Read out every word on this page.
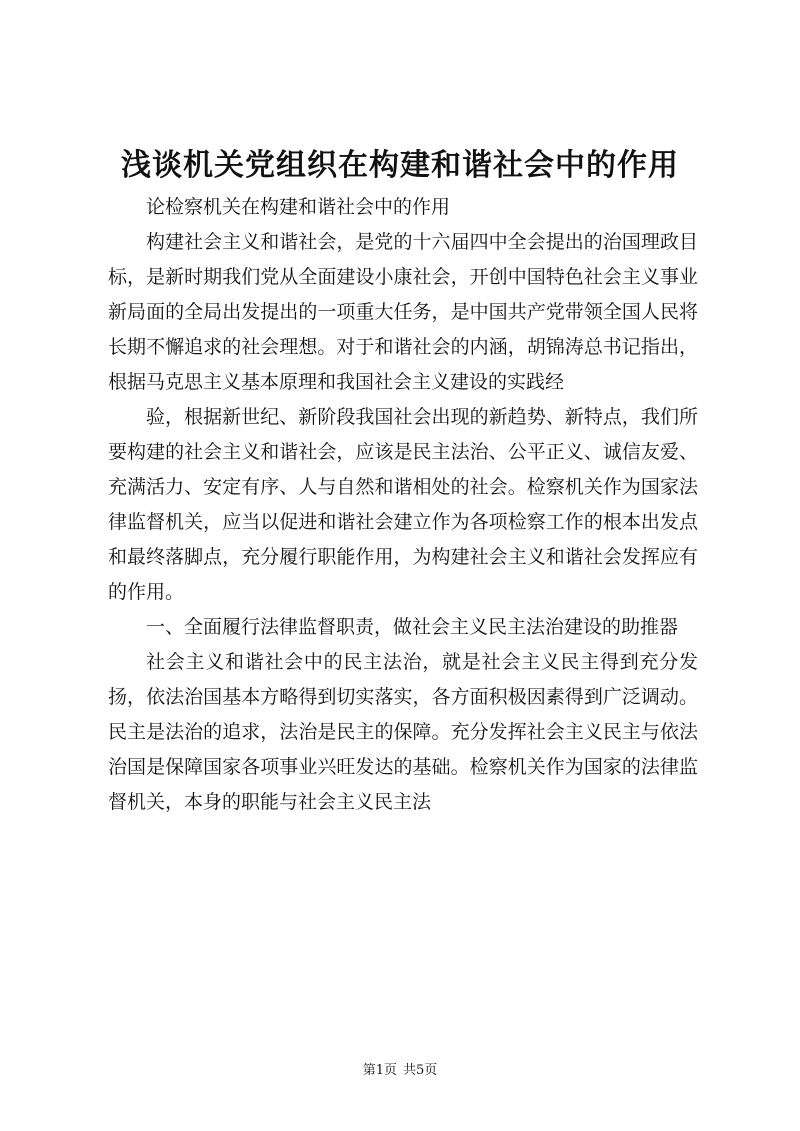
浅谈机关党组织在构建和谐社会中的作用

论检察机关在构建和谐社会中的作用

构建社会主义和谐社会，是党的十六届四中全会提出的治国理政目标，是新时期我们党从全面建设小康社会，开创中国特色社会主义事业新局面的全局出发提出的一项重大任务，是中国共产党带领全国人民将长期不懈追求的社会理想。对于和谐社会的内涵，胡锦涛总书记指出，根据马克思主义基本原理和我国社会主义建设的实践经

验，根据新世纪、新阶段我国社会出现的新趋势、新特点，我们所要构建的社会主义和谐社会，应该是民主法治、公平正义、诚信友爱、充满活力、安定有序、人与自然和谐相处的社会。检察机关作为国家法律监督机关，应当以促进和谐社会建立作为各项检察工作的根本出发点和最终落脚点，充分履行职能作用，为构建社会主义和谐社会发挥应有的作用。

一、全面履行法律监督职责，做社会主义民主法治建设的助推器

社会主义和谐社会中的民主法治，就是社会主义民主得到充分发扬，依法治国基本方略得到切实落实，各方面积极因素得到广泛调动。民主是法治的追求，法治是民主的保障。充分发挥社会主义民主与依法治国是保障国家各项事业兴旺发达的基础。检察机关作为国家的法律监督机关，本身的职能与社会主义民主法

第1页 共5页
